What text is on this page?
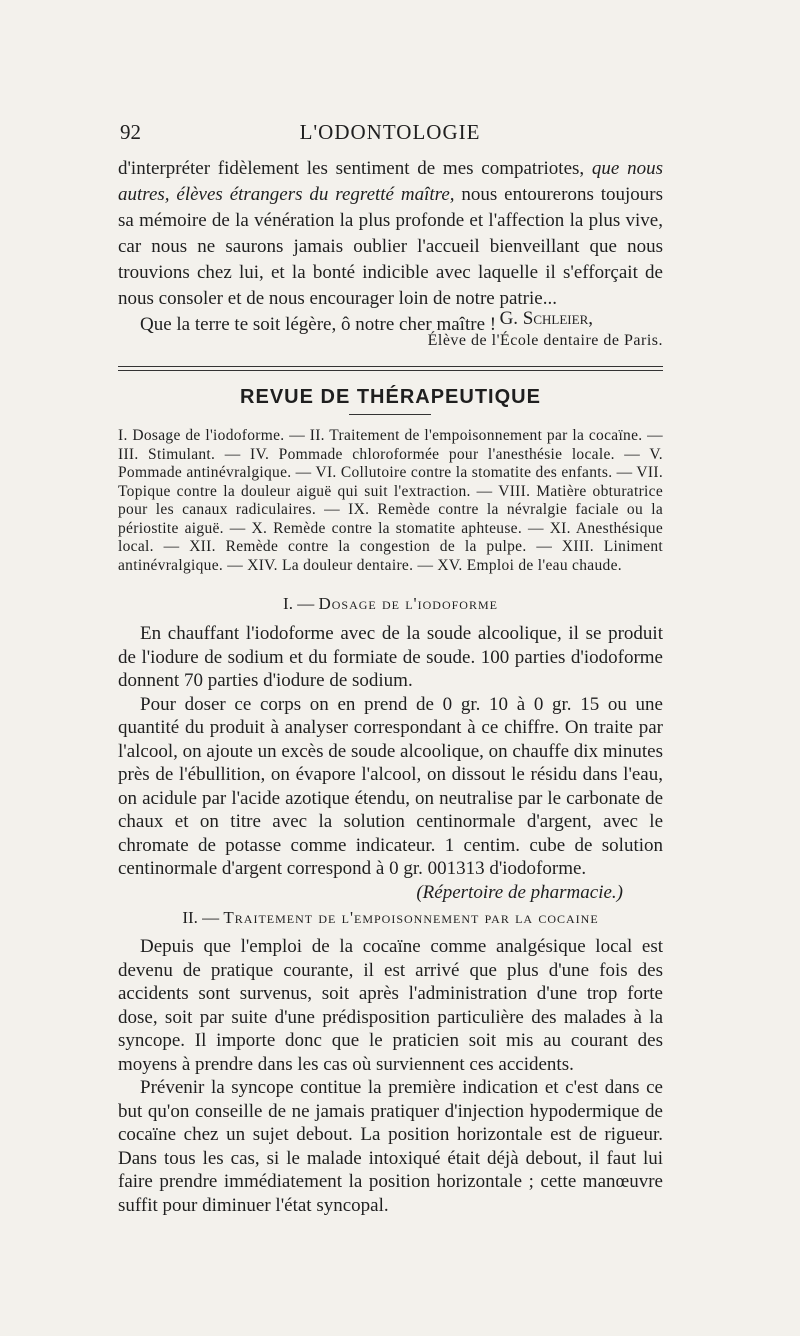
92	L'ODONTOLOGIE

d'interpréter fidèlement les sentiment de mes compatriotes, que nous autres, élèves étrangers du regretté maître, nous entourerons toujours sa mémoire de la vénération la plus profonde et l'affection la plus vive, car nous ne saurons jamais oublier l'accueil bienveillant que nous trouvions chez lui, et la bonté indicible avec laquelle il s'efforçait de nous consoler et de nous encourager loin de notre patrie...

Que la terre te soit légère, ô notre cher maître ! G. Schleier,

Élève de l'École dentaire de Paris.

REVUE DE THÉRAPEUTIQUE
I. Dosage de l'iodoforme. — II. Traitement de l'empoisonnement par la cocaïne. — III. Stimulant. — IV. Pommade chloroformée pour l'anesthésie locale. — V. Pommade antinévralgique. — VI. Collutoire contre la stomatite des enfants. — VII. Topique contre la douleur aiguë qui suit l'extraction. — VIII. Matière obturatrice pour les canaux radiculaires. — IX. Remède contre la névralgie faciale ou la périostite aiguë. — X. Remède contre la stomatite aphteuse. — XI. Anesthésique local. — XII. Remède contre la congestion de la pulpe. — XIII. Liniment antinévralgique. — XIV. La douleur dentaire. — XV. Emploi de l'eau chaude.
I. — Dosage de l'iodoforme

En chauffant l'iodoforme avec de la soude alcoolique, il se produit de l'iodure de sodium et du formiate de soude. 100 parties d'iodoforme donnent 70 parties d'iodure de sodium.

Pour doser ce corps on en prend de 0 gr. 10 à 0 gr. 15 ou une quantité du produit à analyser correspondant à ce chiffre. On traite par l'alcool, on ajoute un excès de soude alcoolique, on chauffe dix minutes près de l'ébullition, on évapore l'alcool, on dissout le résidu dans l'eau, on acidule par l'acide azotique étendu, on neutralise par le carbonate de chaux et on titre avec la solution centinormale d'argent, avec le chromate de potasse comme indicateur. 1 centim. cube de solution centinormale d'argent correspond à 0 gr. 001313 d'iodoforme.

(Répertoire de pharmacie.)

II. — Traitement de l'empoisonnement par la cocaine

Depuis que l'emploi de la cocaïne comme analgésique local est devenu de pratique courante, il est arrivé que plus d'une fois des accidents sont survenus, soit après l'administration d'une trop forte dose, soit par suite d'une prédisposition particulière des malades à la syncope. Il importe donc que le praticien soit mis au courant des moyens à prendre dans les cas où surviennent ces accidents.

Prévenir la syncope contitue la première indication et c'est dans ce but qu'on conseille de ne jamais pratiquer d'injection hypodermique de cocaïne chez un sujet debout. La position horizontale est de rigueur. Dans tous les cas, si le malade intoxiqué était déjà debout, il faut lui faire prendre immédiatement la position horizontale ; cette manœuvre suffit pour diminuer l'état syncopal.
